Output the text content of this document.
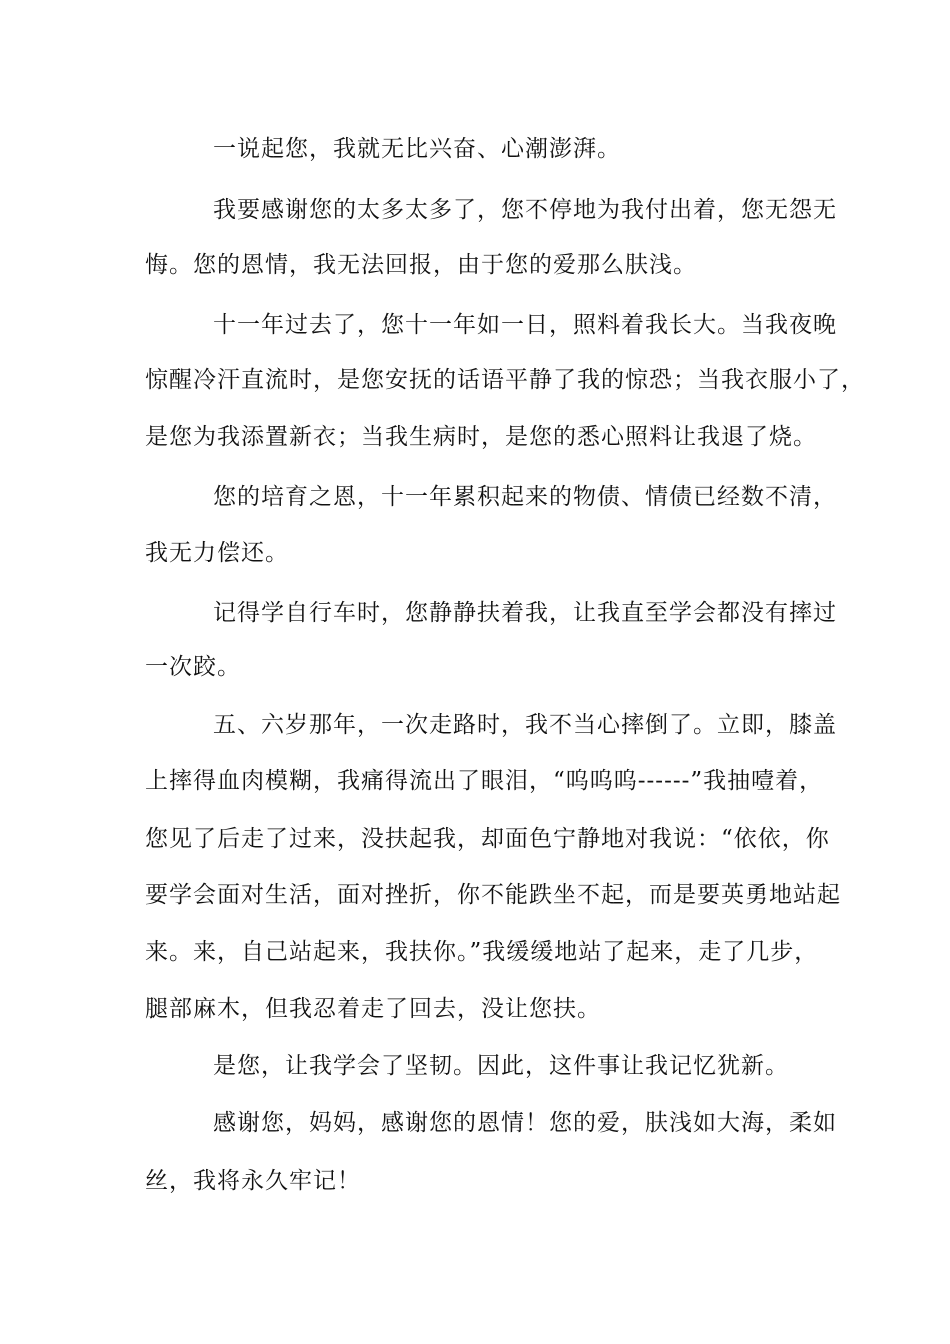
一说起您，我就无比兴奋、心潮澎湃。
我要感谢您的太多太多了，您不停地为我付出着，您无怨无
悔。您的恩情，我无法回报，由于您的爱那么肤浅。
十一年过去了，您十一年如一日，照料着我长大。当我夜晚
惊醒冷汗直流时，是您安抚的话语平静了我的惊恐；当我衣服小了，
是您为我添置新衣；当我生病时，是您的悉心照料让我退了烧。
您的培育之恩，十一年累积起来的物债、情债已经数不清，
我无力偿还。
记得学自行车时，您静静扶着我，让我直至学会都没有摔过
一次跤。
五、六岁那年，一次走路时，我不当心摔倒了。立即，膝盖
上摔得血肉模糊，我痛得流出了眼泪，“呜呜呜------”我抽噎着，
您见了后走了过来，没扶起我，却面色宁静地对我说：“依依，你
要学会面对生活，面对挫折，你不能跌坐不起，而是要英勇地站起
来。来，自己站起来，我扶你。”我缓缓地站了起来，走了几步，
腿部麻木，但我忍着走了回去，没让您扶。
是您，让我学会了坚韧。因此，这件事让我记忆犹新。
感谢您，妈妈，感谢您的恩情！您的爱，肤浅如大海，柔如
丝，我将永久牢记！
